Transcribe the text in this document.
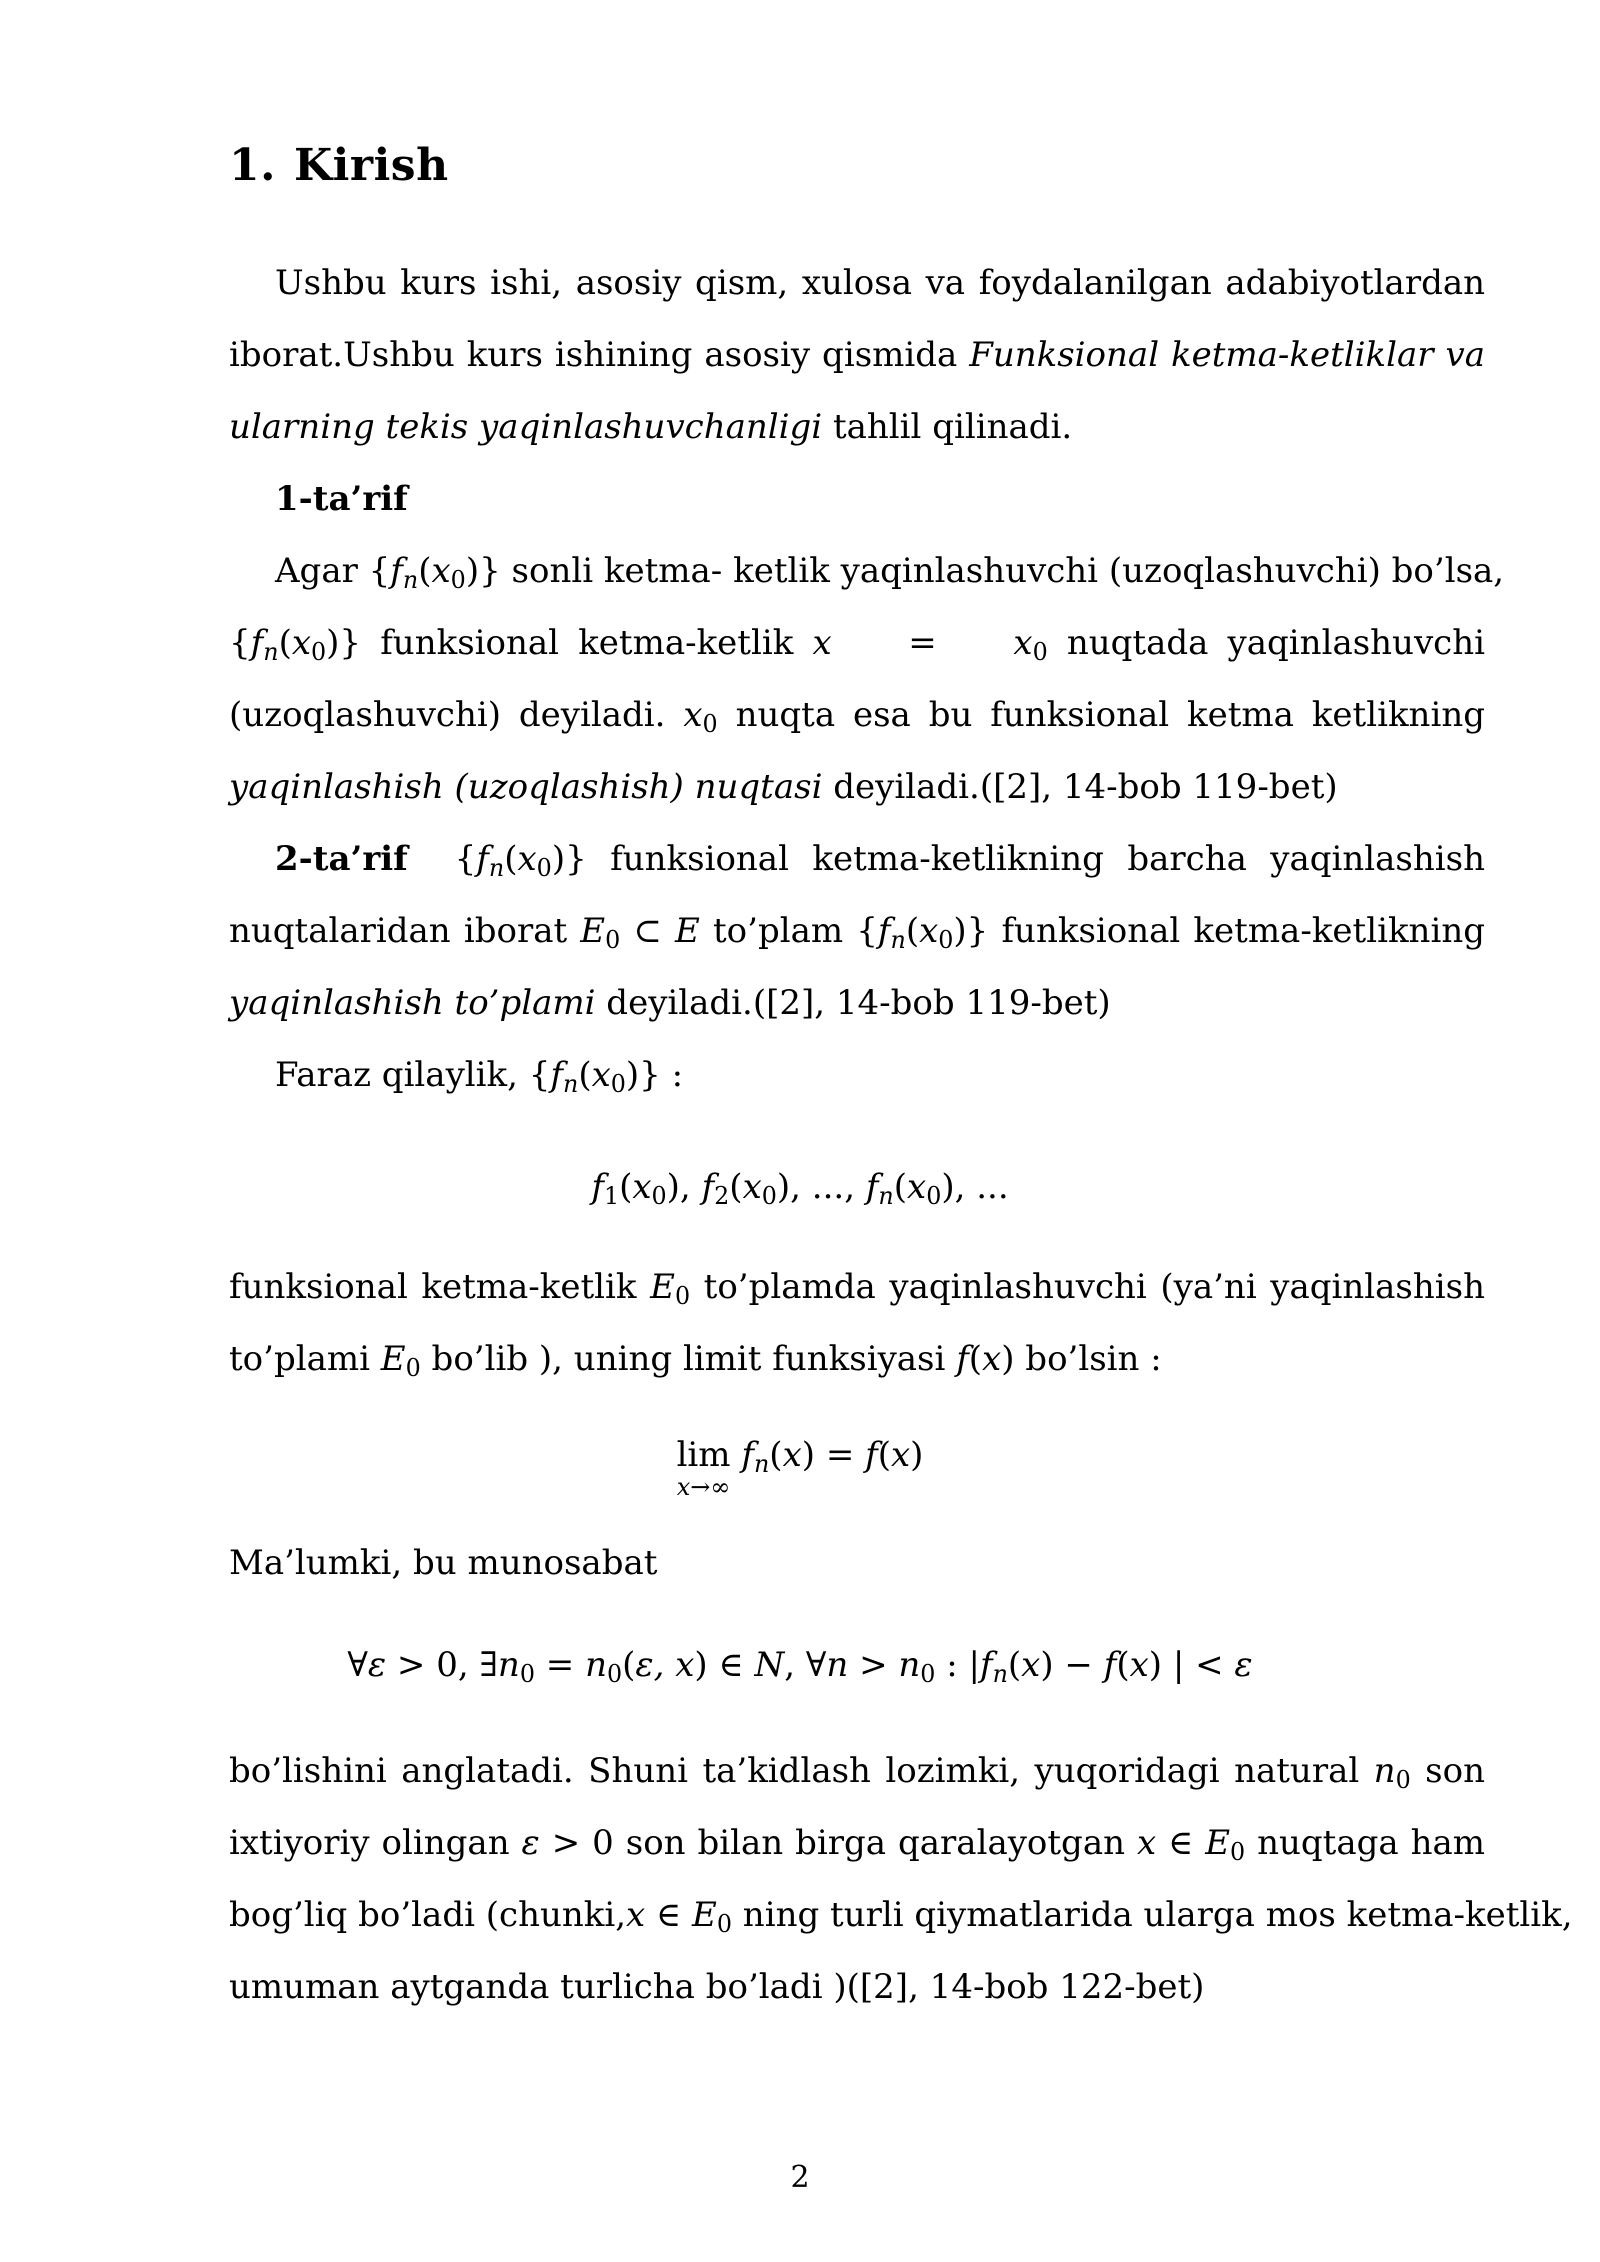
1. Kirish
Ushbu kurs ishi, asosiy qism, xulosa va foydalanilgan adabiyotlardan
iborat.Ushbu kurs ishining asosiy qismida Funksional ketma-ketliklar va
ularning tekis yaqinlashuvchanligi tahlil qilinadi.
1-ta’rif
Agar $\{f_n(x_0)\}$ sonli ketma- ketlik yaqinlashuvchi (uzoqlashuvchi) bo’lsa,
$\{f_n(x_0)\}$ funksional ketma-ketlik x    =    $x_0$ nuqtada yaqinlashuvchi
(uzoqlashuvchi) deyiladi. $x_0$ nuqta esa bu funksional ketma ketlikning
yaqinlashish (uzoqlashish) nuqtasi deyiladi.([2], 14-bob 119-bet)
2-ta’rif $\{f_n(x_0)\}$ funksional ketma-ketlikning barcha yaqinlashish
nuqtalaridan iborat $E_0$ ⊂ E to’plam $\{f_n(x_0)\}$ funksional ketma-ketlikning
yaqinlashish to’plami deyiladi.([2], 14-bob 119-bet)
Faraz qilaylik, $\{f_n(x_0)\}$ :
$f_1(x_0)$, $f_2(x_0)$, ..., $f_n(x_0)$, ...
funksional ketma-ketlik $E_0$ to’plamda yaqinlashuvchi (ya’ni yaqinlashish
to’plami $E_0$ bo’lib ), uning limit funksiyasi f(x) bo’lsin :
lim
x→∞
$f_n(x) = f(x)$
Ma’lumki, bu munosabat
∀ε > 0, $\exists n_0 = n_0(\varepsilon$, x) ∈ N, ∀n > $n_0$ : $|f_n(x) - f(x)$ | < ε
bo’lishini anglatadi. Shuni ta’kidlash lozimki, yuqoridagi natural $n_0$ son
ixtiyoriy olingan ε > 0 son bilan birga qaralayotgan x ∈ $E_0$ nuqtaga ham
bog’liq bo’ladi (chunki,x ∈ $E_0$ ning turli qiymatlarida ularga mos ketma-ketlik,
umuman aytganda turlicha bo’ladi )([2], 14-bob 122-bet)
2
